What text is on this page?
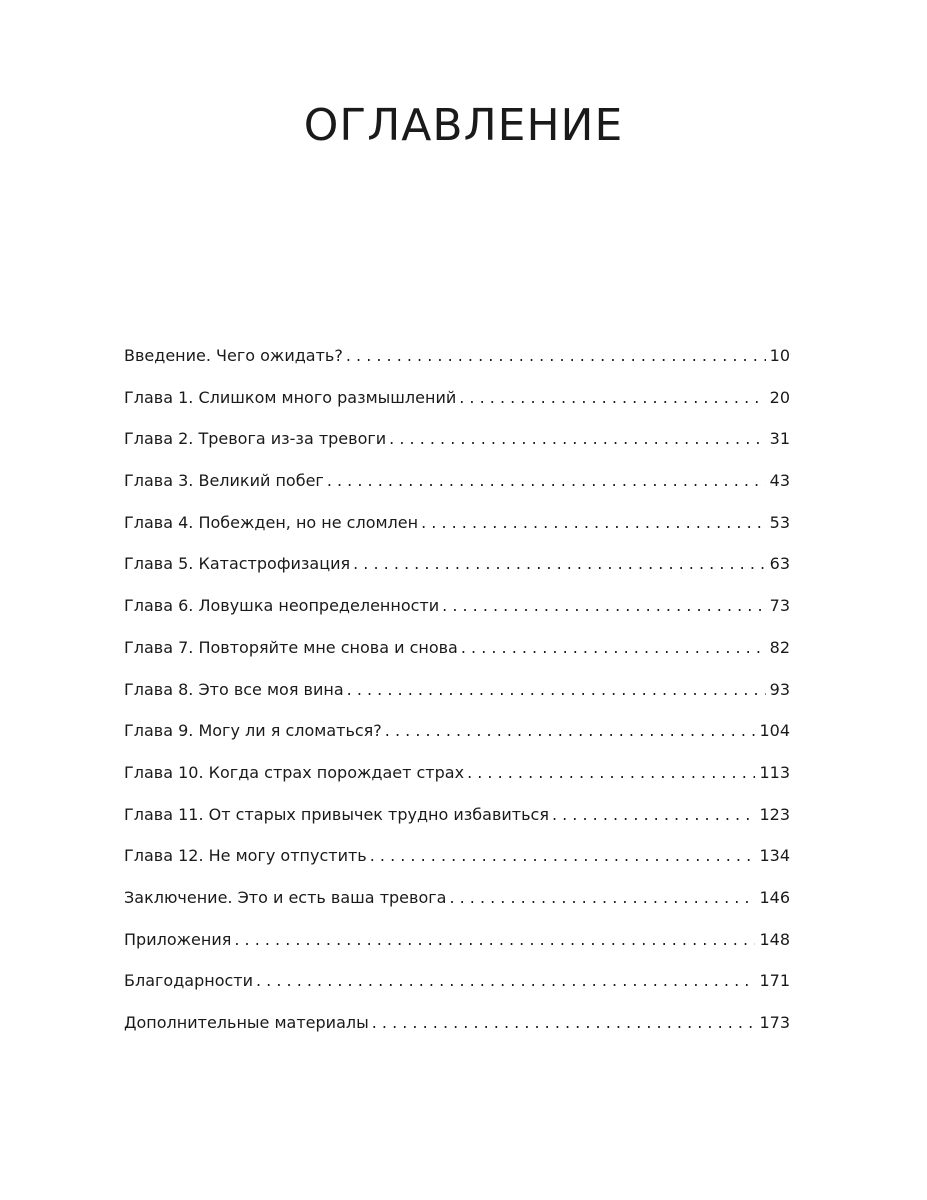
ОГЛАВЛЕНИЕ
Введение. Чего ожидать? . . .	10
Глава 1. Слишком много размышлений . . .	20
Глава 2. Тревога из-за тревоги . . .	31
Глава 3. Великий побег . . .	43
Глава 4. Побежден, но не сломлен . . .	53
Глава 5. Катастрофизация . . .	63
Глава 6. Ловушка неопределенности . . .	73
Глава 7. Повторяйте мне снова и снова . . .	82
Глава 8. Это все моя вина . . .	93
Глава 9. Могу ли я сломаться? . . .	104
Глава 10. Когда страх порождает страх . . .	113
Глава 11. От старых привычек трудно избавиться . . .	123
Глава 12. Не могу отпустить . . .	134
Заключение. Это и есть ваша тревога . . .	146
Приложения . . .	148
Благодарности . . .	171
Дополнительные материалы . . .	173
